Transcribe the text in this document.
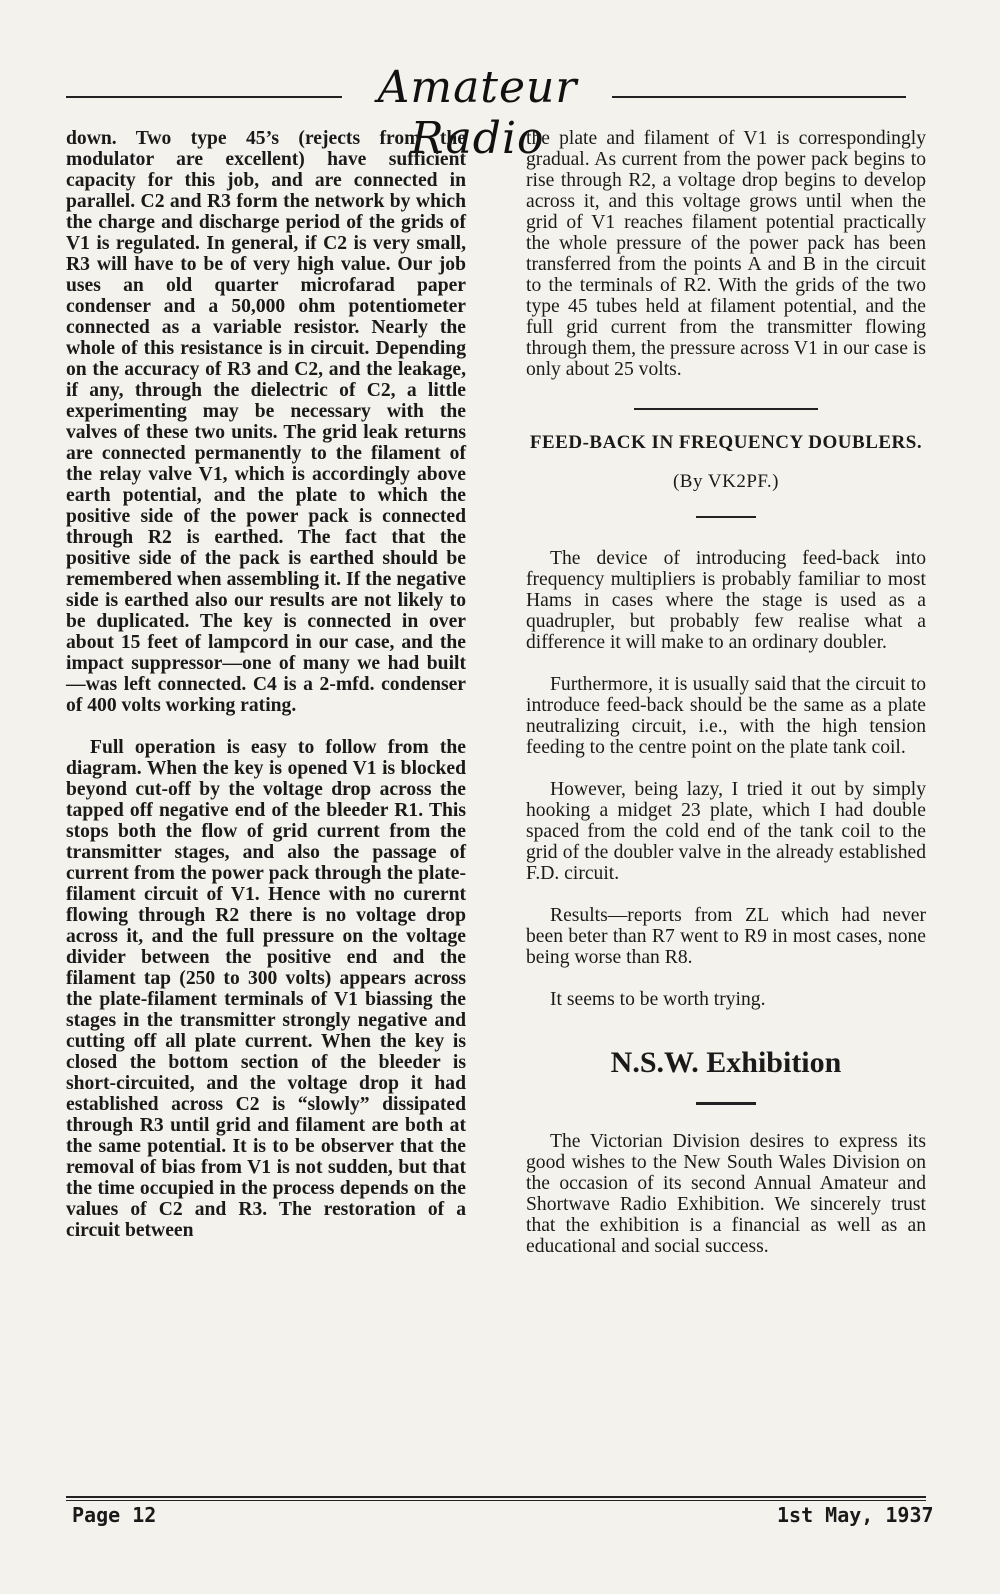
Amateur Radio

down. Two type 45’s (rejects from the modulator are excellent) have sufficient capacity for this job, and are connected in parallel. C2 and R3 form the network by which the charge and discharge period of the grids of V1 is regulated. In general, if C2 is very small, R3 will have to be of very high value. Our job uses an old quarter microfarad paper condenser and a 50,000 ohm potentiometer connected as a variable resistor. Nearly the whole of this resistance is in circuit. Depending on the accuracy of R3 and C2, and the leakage, if any, through the dielectric of C2, a little experimenting may be necessary with the valves of these two units. The grid leak returns are connected permanently to the filament of the relay valve V1, which is accordingly above earth potential, and the plate to which the positive side of the power pack is connected through R2 is earthed. The fact that the positive side of the pack is earthed should be remembered when assembling it. If the negative side is earthed also our results are not likely to be duplicated. The key is connected in over about 15 feet of lampcord in our case, and the impact suppressor—one of many we had built—was left connected. C4 is a 2-mfd. condenser of 400 volts working rating.

Full operation is easy to follow from the diagram. When the key is opened V1 is blocked beyond cut-off by the voltage drop across the tapped off negative end of the bleeder R1. This stops both the flow of grid current from the transmitter stages, and also the passage of current from the power pack through the plate-filament circuit of V1. Hence with no curernt flowing through R2 there is no voltage drop across it, and the full pressure on the voltage divider between the positive end and the filament tap (250 to 300 volts) appears across the plate-filament terminals of V1 biassing the stages in the transmitter strongly negative and cutting off all plate current. When the key is closed the bottom section of the bleeder is short-circuited, and the voltage drop it had established across C2 is “slowly” dissipated through R3 until grid and filament are both at the same potential. It is to be observer that the removal of bias from V1 is not sudden, but that the time occupied in the process depends on the values of C2 and R3. The restoration of a circuit between

the plate and filament of V1 is correspondingly gradual. As current from the power pack begins to rise through R2, a voltage drop begins to develop across it, and this voltage grows until when the grid of V1 reaches filament potential practically the whole pressure of the power pack has been transferred from the points A and B in the circuit to the terminals of R2. With the grids of the two type 45 tubes held at filament potential, and the full grid current from the transmitter flowing through them, the pressure across V1 in our case is only about 25 volts.

FEED-BACK IN FREQUENCY DOUBLERS.
(By VK2PF.)

The device of introducing feed-back into frequency multipliers is probably familiar to most Hams in cases where the stage is used as a quadrupler, but probably few realise what a difference it will make to an ordinary doubler.

Furthermore, it is usually said that the circuit to introduce feed-back should be the same as a plate neutralizing circuit, i.e., with the high tension feeding to the centre point on the plate tank coil.

However, being lazy, I tried it out by simply hooking a midget 23 plate, which I had double spaced from the cold end of the tank coil to the grid of the doubler valve in the already established F.D. circuit.

Results—reports from ZL which had never been beter than R7 went to R9 in most cases, none being worse than R8.

It seems to be worth trying.

N.S.W. Exhibition

The Victorian Division desires to express its good wishes to the New South Wales Division on the occasion of its second Annual Amateur and Shortwave Radio Exhibition. We sincerely trust that the exhibition is a financial as well as an educational and social success.

Page 12	1st May, 1937
